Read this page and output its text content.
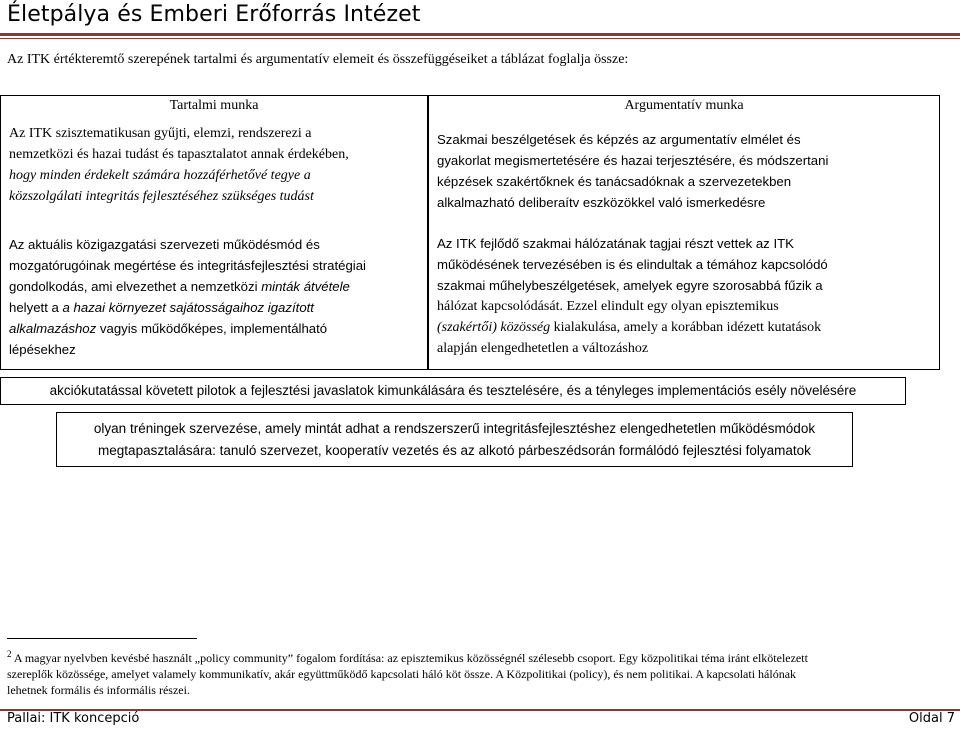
Életpálya és Emberi Erőforrás Intézet
Az ITK értékteremtő szerepének tartalmi és argumentatív elemeit és összefüggéseiket a táblázat foglalja össze:
Tartalmi munka
Az ITK szisztematikusan gyűjti, elemzi, rendszerezi a
nemzetközi és hazai tudást és tapasztalatot annak érdekében,
hogy minden érdekelt számára hozzáférhetővé tegye a
közszolgálati integritás fejlesztéséhez szükséges tudást
Az aktuális közigazgatási szervezeti működésmód és
mozgatórugóinak megértése és integritásfejlesztési stratégiai
gondolkodás, ami elvezethet a nemzetközi minták átvétele
helyett a a hazai környezet sajátosságaihoz igazított
alkalmazáshoz vagyis működőképes, implementálható
lépésekhez
Argumentatív munka
Szakmai beszélgetések és képzés az argumentatív elmélet és
gyakorlat megismertetésére és hazai terjesztésére, és módszertani
képzések szakértőknek és tanácsadóknak a szervezetekben
alkalmazható deliberaítv eszközökkel való ismerkedésre
Az ITK fejlődő szakmai hálózatának tagjai részt vettek az ITK
működésének tervezésében is és elindultak a témához kapcsolódó
szakmai műhelybeszélgetések, amelyek egyre szorosabbá fűzik a
hálózat kapcsolódását. Ezzel elindult egy olyan episztemikus
(szakértői) közösség kialakulása, amely a korábban idézett kutatások
alapján elengedhetetlen a változáshoz
akciókutatással követett pilotok a fejlesztési javaslatok kimunkálására és tesztelésére, és a tényleges implementációs esély növelésére
olyan tréningek szervezése, amely mintát adhat a rendszerszerű integritásfejlesztéshez elengedhetetlen működésmódok
megtapasztalására: tanuló szervezet, kooperatív vezetés és az alkotó párbeszédsorán formálódó fejlesztési folyamatok
$^2$ A magyar nyelvben kevésbé használt „policy community” fogalom fordítása: az episztemikus közösségnél szélesebb csoport. Egy közpolitikai téma iránt elkötelezett
szereplők közössége, amelyet valamely kommunikatív, akár együttműködő kapcsolati háló köt össze. A Közpolitikai (policy), és nem politikai. A kapcsolati hálónak
lehetnek formális és informális részei.
Pallai: ITK koncepció	Oldal 7
